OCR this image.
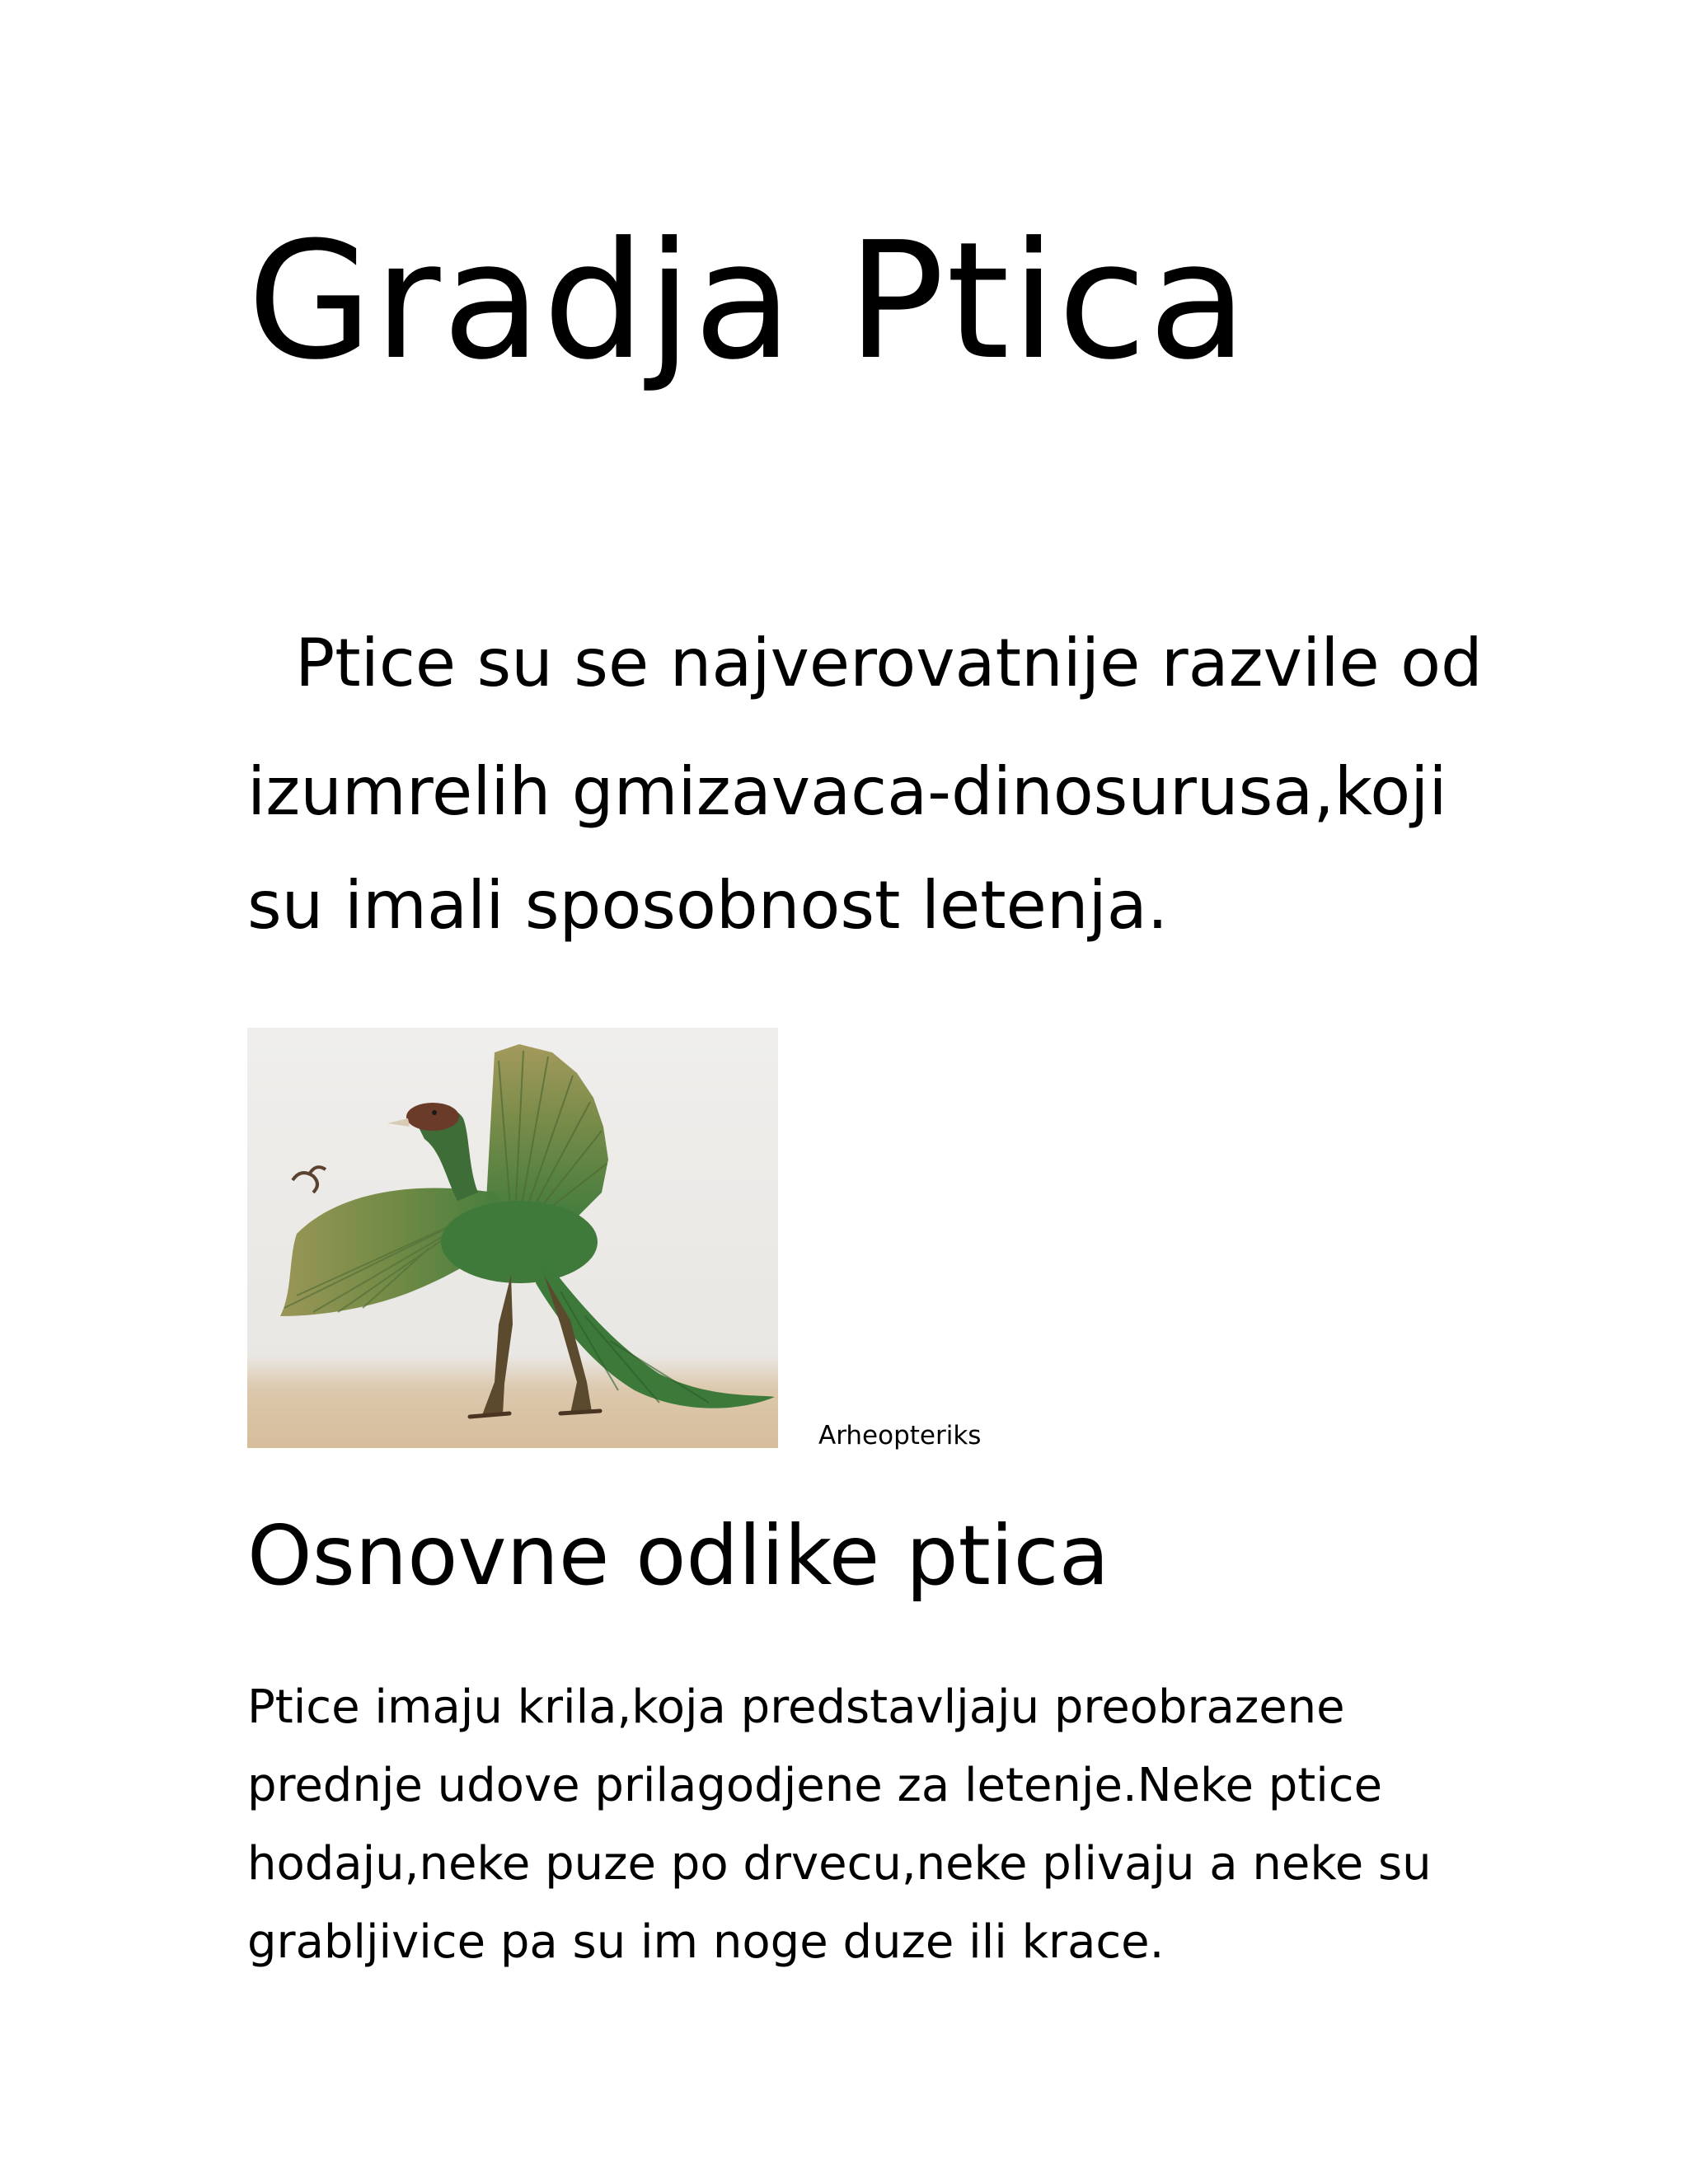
Gradja Ptica

Ptice su se najverovatnije razvile od
izumrelih gmizavaca-dinosurusa,koji
su imali sposobnost letenja.

Arheopteriks
Osnovne odlike ptica

Ptice imaju krila,koja predstavljaju preobrazene
prednje udove prilagodjene za letenje.Neke ptice
hodaju,neke puze po drvecu,neke plivaju a neke su
grabljivice pa su im noge duze ili krace.
